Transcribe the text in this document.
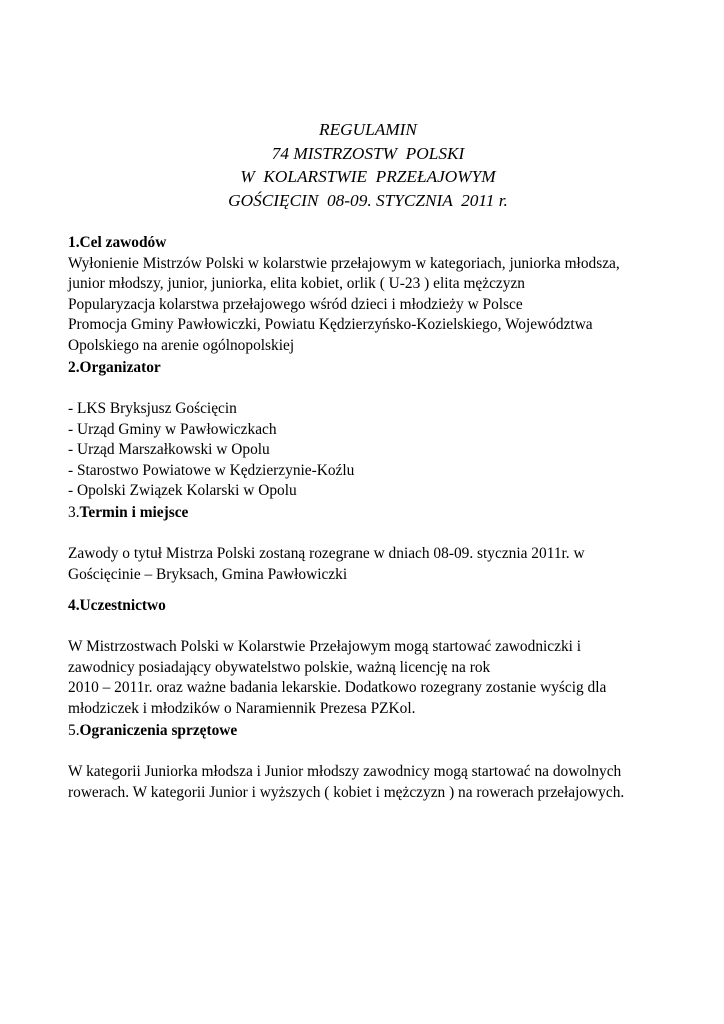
REGULAMIN
74 MISTRZOSTW  POLSKI
W  KOLARSTWIE  PRZEŁAJOWYM
GOŚCIĘCIN  08-09. STYCZNIA  2011 r.
1.Cel zawodów
Wyłonienie Mistrzów Polski w kolarstwie przełajowym w kategoriach, juniorka młodsza,
junior młodszy, junior, juniorka, elita kobiet, orlik ( U-23 ) elita mężczyzn
Popularyzacja kolarstwa przełajowego wśród dzieci i młodzieży w Polsce
Promocja Gminy Pawłowiczki, Powiatu Kędzierzyńsko-Kozielskiego, Województwa
Opolskiego na arenie ogólnopolskiej
2.Organizator
- LKS Bryksjusz Gościęcin
- Urząd Gminy w Pawłowiczkach
- Urząd Marszałkowski w Opolu
- Starostwo Powiatowe w Kędzierzynie-Koźlu
- Opolski Związek Kolarski w Opolu
3.Termin i miejsce
Zawody o tytuł Mistrza Polski zostaną rozegrane w dniach 08-09. stycznia 2011r. w
Gościęcinie – Bryksach, Gmina Pawłowiczki
4.Uczestnictwo
W Mistrzostwach Polski w Kolarstwie Przełajowym mogą startować zawodniczki i
zawodnicy posiadający obywatelstwo polskie, ważną licencję na rok
2010 – 2011r. oraz ważne badania lekarskie. Dodatkowo rozegrany zostanie wyścig dla
młodziczek i młodzików o Naramiennik Prezesa PZKol.
5.Ograniczenia sprzętowe
W kategorii Juniorka młodsza i Junior młodszy zawodnicy mogą startować na dowolnych
rowerach. W kategorii Junior i wyższych ( kobiet i mężczyzn ) na rowerach przełajowych.
